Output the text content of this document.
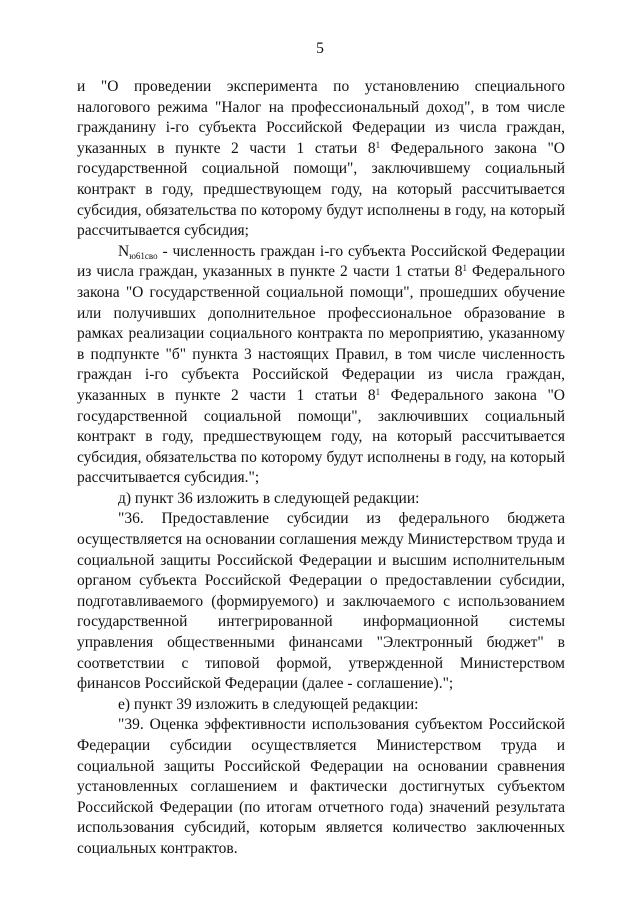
5

и "О проведении эксперимента по установлению специального налогового режима "Налог на профессиональный доход", в том числе гражданину i-го субъекта Российской Федерации из числа граждан, указанных в пункте 2 части 1 статьи $8^1$ Федерального закона "О государственной социальной помощи", заключившему социальный контракт в году, предшествующем году, на который рассчитывается субсидия, обязательства по которому будут исполнены в году, на который рассчитывается субсидия;

$N_{ю61сво}$ - численность граждан i-го субъекта Российской Федерации из числа граждан, указанных в пункте 2 части 1 статьи $8^1$ Федерального закона "О государственной социальной помощи", прошедших обучение или получивших дополнительное профессиональное образование в рамках реализации социального контракта по мероприятию, указанному в подпункте "б" пункта 3 настоящих Правил, в том числе численность граждан i-го субъекта Российской Федерации из числа граждан, указанных в пункте 2 части 1 статьи $8^1$ Федерального закона "О государственной социальной помощи", заключивших социальный контракт в году, предшествующем году, на который рассчитывается субсидия, обязательства по которому будут исполнены в году, на который рассчитывается субсидия.";

д) пункт 36 изложить в следующей редакции:

"36. Предоставление субсидии из федерального бюджета осуществляется на основании соглашения между Министерством труда и социальной защиты Российской Федерации и высшим исполнительным органом субъекта Российской Федерации о предоставлении субсидии, подготавливаемого (формируемого) и заключаемого с использованием государственной интегрированной информационной системы управления общественными финансами "Электронный бюджет" в соответствии с типовой формой, утвержденной Министерством финансов Российской Федерации (далее - соглашение).";

е) пункт 39 изложить в следующей редакции:

"39. Оценка эффективности использования субъектом Российской Федерации субсидии осуществляется Министерством труда и социальной защиты Российской Федерации на основании сравнения установленных соглашением и фактически достигнутых субъектом Российской Федерации (по итогам отчетного года) значений результата использования субсидий, которым является количество заключенных социальных контрактов.
